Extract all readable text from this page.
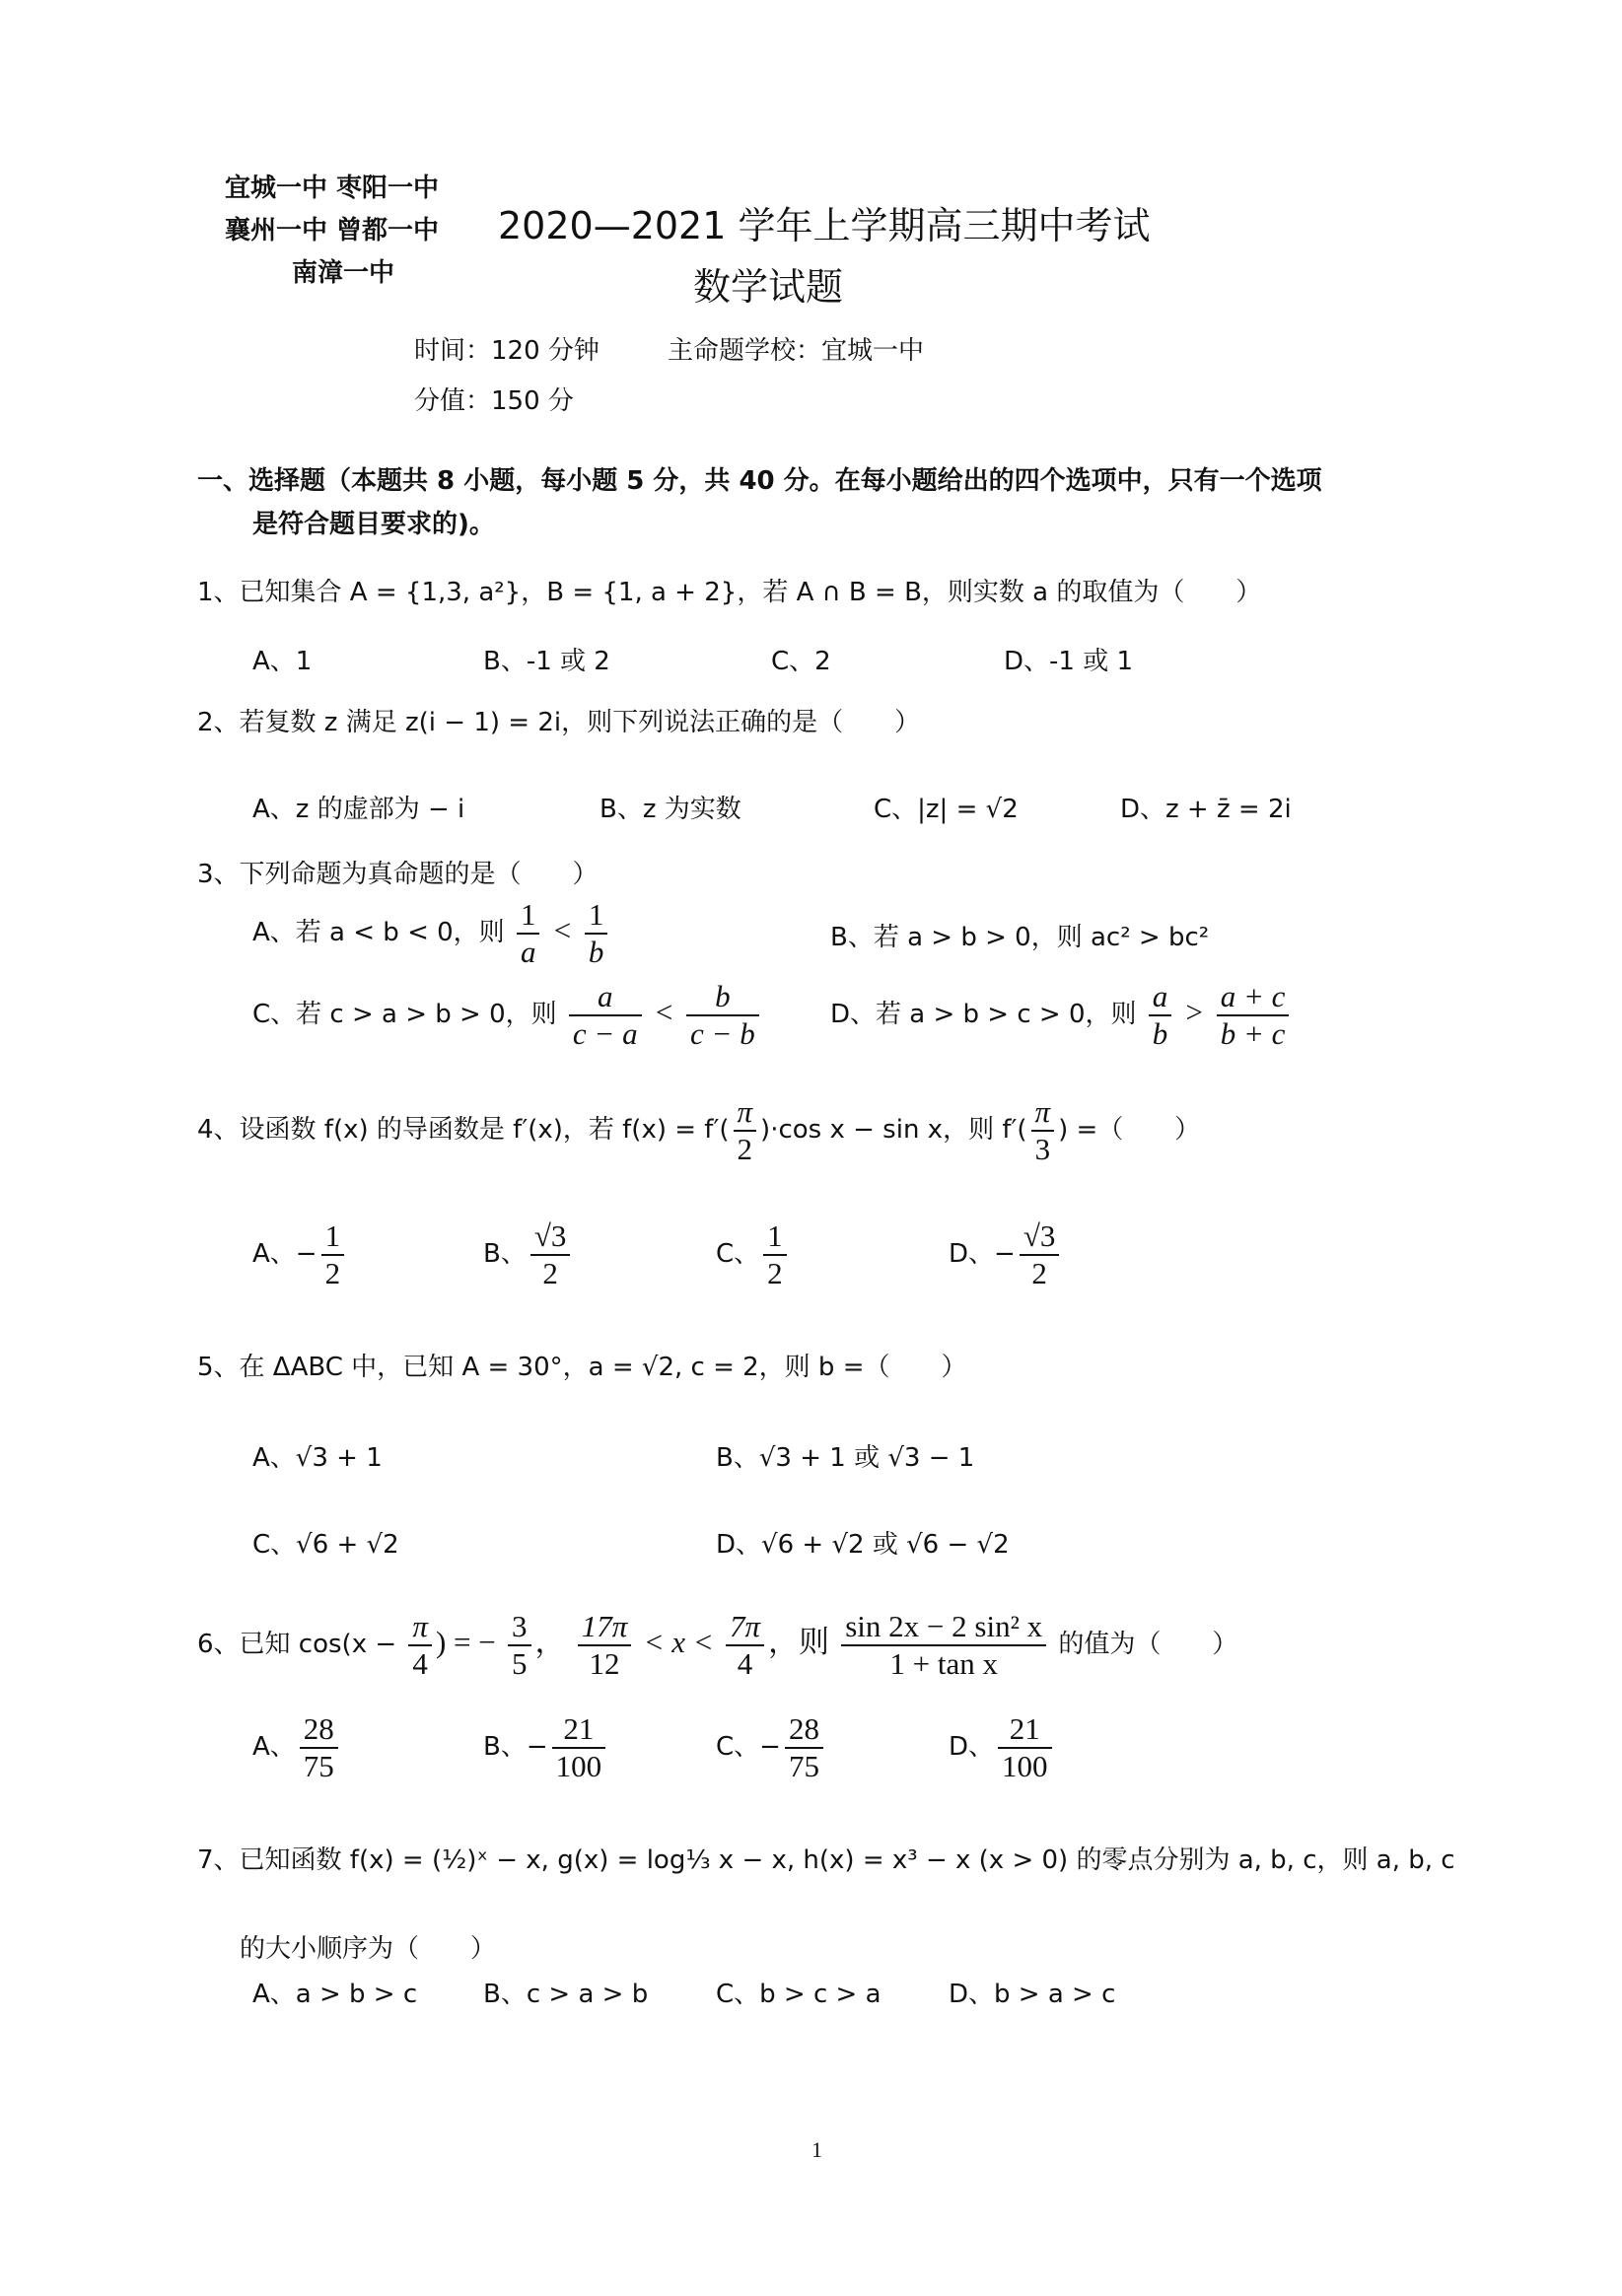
宜城一中 枣阳一中
襄州一中 曾都一中
南漳一中
2020—2021 学年上学期高三期中考试
数学试题
时间：120 分钟	主命题学校：宜城一中
分值：150 分
一、选择题（本题共 8 小题，每小题 5 分，共 40 分。在每小题给出的四个选项中，只有一个选项
是符合题目要求的)。
1、已知集合 A = {1,3, a²}，B = {1, a + 2}，若 A ∩ B = B，则实数 a 的取值为（　　）
A、1	B、-1 或 2	C、2	D、-1 或 1
2、若复数 z 满足 z(i − 1) = 2i，则下列说法正确的是（　　）
A、z 的虚部为 − i	B、z 为实数	C、|z| = √2	D、z + z̄ = 2i
3、下列命题为真命题的是（　　）
A、若 a < b < 0，则 $\frac{1}{a} < \frac{1}{b}$	B、若 a > b > 0，则 ac² > bc²
C、若 c > a > b > 0，则 $\frac{a}{c - a} < \frac{b}{c - b}$	D、若 a > b > c > 0，则 $\frac{a}{b} > \frac{a + c}{b + c}$
4、设函数 f(x) 的导函数是 f′(x)，若 $f(x) = f'( \frac{\pi}{2} )\cdot\cos$ x − sin x，则 $f'( \frac{\pi}{3}$ ) =（　　）
A、− $\frac{1}{2}$	B、 $\frac{√3}{2}$	C、 $\frac{1}{2}$	D、− $\frac{√3}{2}$
5、在 ΔABC 中，已知 A = 30°，a = √2, c = 2，则 b =（　　）
A、√3 + 1	B、√3 + 1 或 √3 − 1
C、√6 + √2	D、√6 + √2 或 √6 − √2
6、已知 $\cos(x - \frac{\pi}{4}$ ) = − $\frac{3}{5}$ ， $\frac{17\pi}{12} < x < \frac{7\pi}{4}$ ，则 $\frac{\text{sin 2x − 2 sin² x}}{\text{1 + tan x}}$ 的值为（　　）
A、 $\frac{28}{75}$	B、− $\frac{21}{100}$	C、− $\frac{28}{75}$	D、 $\frac{21}{100}$
7、已知函数 f(x) = (½)ˣ − x, g(x) = log⅓ x − x, h(x) = x³ − x (x > 0) 的零点分别为 a, b, c，则 a, b, c
的大小顺序为（　　）
A、a > b > c	B、c > a > b	C、b > c > a	D、b > a > c
1
